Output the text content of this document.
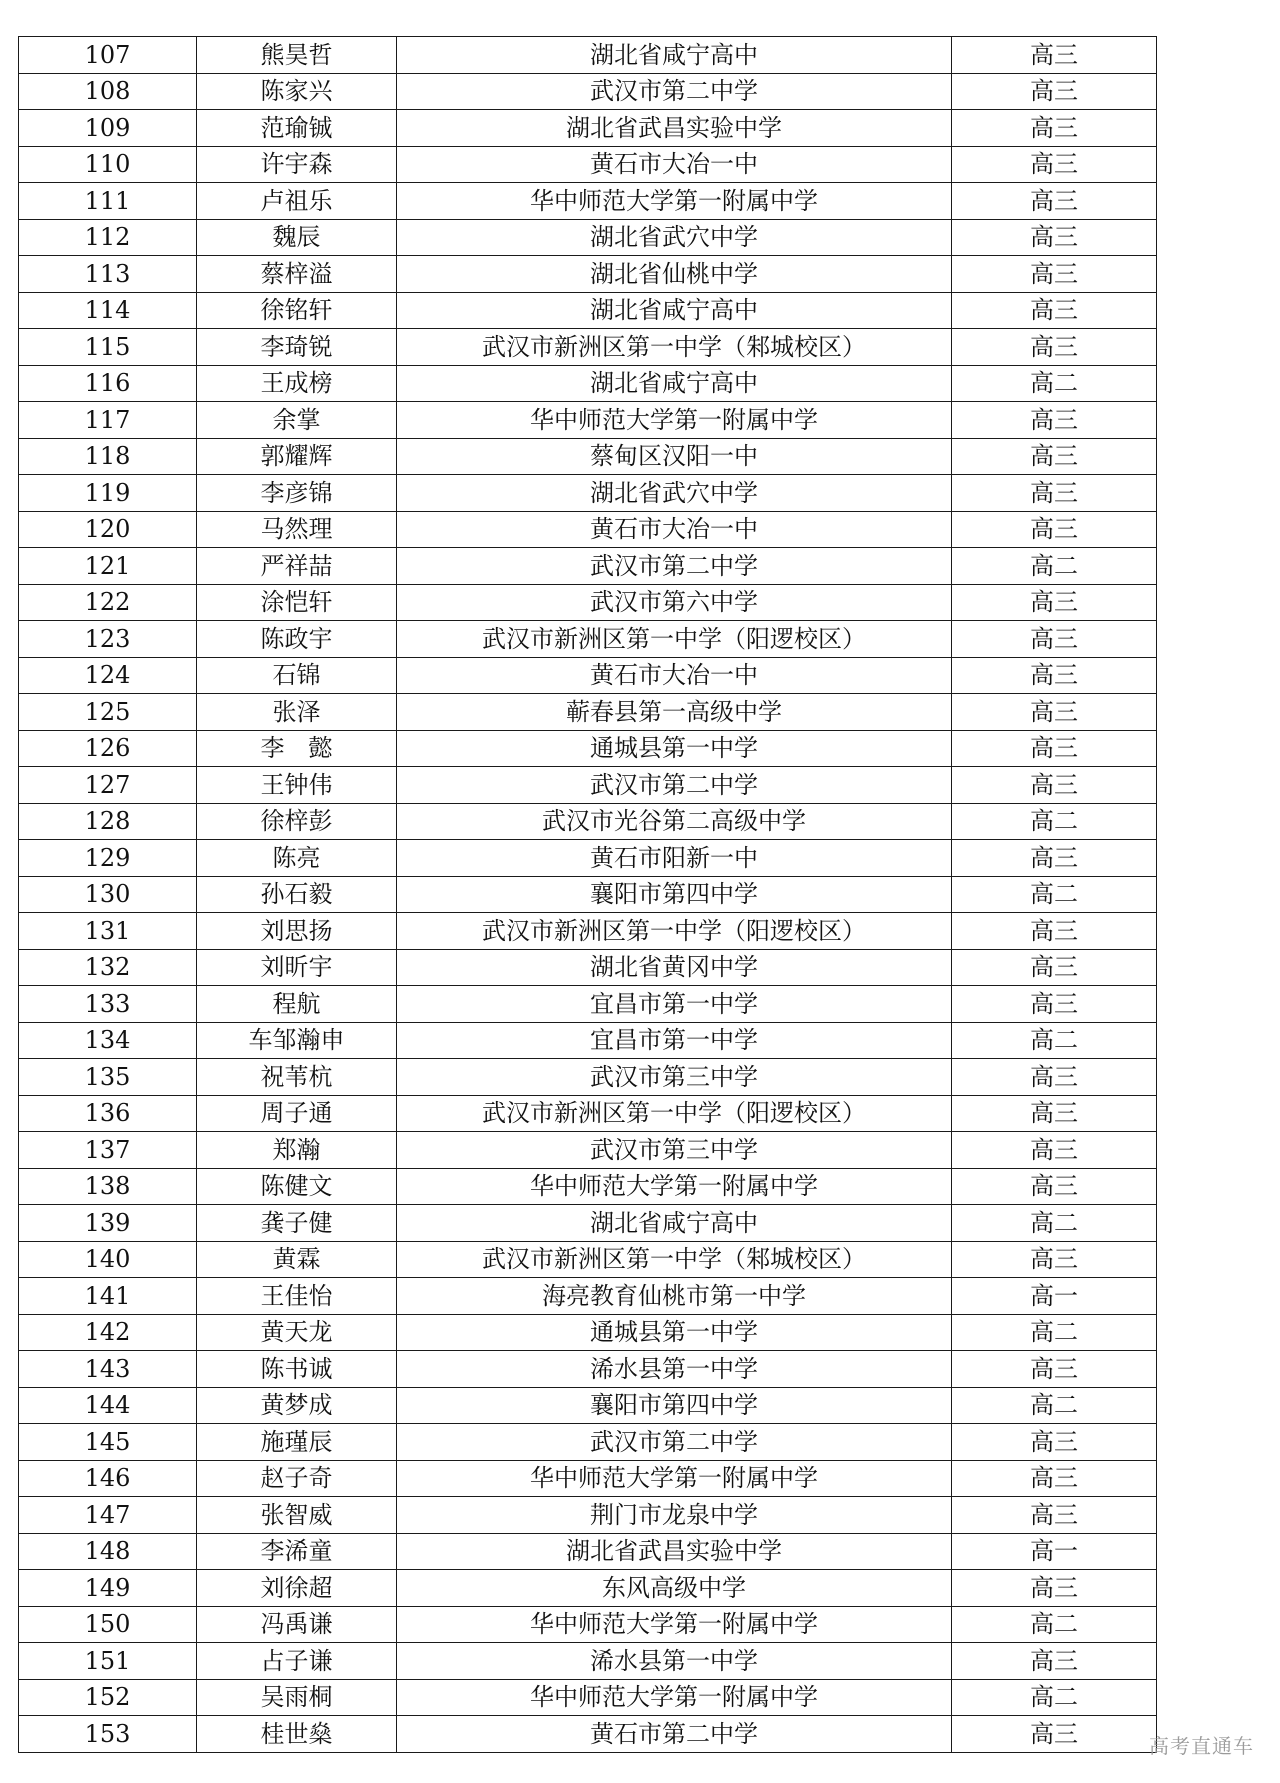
107	熊昊哲	湖北省咸宁高中	高三
108	陈家兴	武汉市第二中学	高三
109	范瑜铖	湖北省武昌实验中学	高三
110	许宇森	黄石市大冶一中	高三
111	卢祖乐	华中师范大学第一附属中学	高三
112	魏辰	湖北省武穴中学	高三
113	蔡梓溢	湖北省仙桃中学	高三
114	徐铭轩	湖北省咸宁高中	高三
115	李琦锐	武汉市新洲区第一中学（邾城校区）	高三
116	王成榜	湖北省咸宁高中	高二
117	余掌	华中师范大学第一附属中学	高三
118	郭耀辉	蔡甸区汉阳一中	高三
119	李彦锦	湖北省武穴中学	高三
120	马然理	黄石市大冶一中	高三
121	严祥喆	武汉市第二中学	高二
122	涂恺轩	武汉市第六中学	高三
123	陈政宇	武汉市新洲区第一中学（阳逻校区）	高三
124	石锦	黄石市大冶一中	高三
125	张泽	蕲春县第一高级中学	高三
126	李　懿	通城县第一中学	高三
127	王钟伟	武汉市第二中学	高三
128	徐梓彭	武汉市光谷第二高级中学	高二
129	陈亮	黄石市阳新一中	高三
130	孙石毅	襄阳市第四中学	高二
131	刘思扬	武汉市新洲区第一中学（阳逻校区）	高三
132	刘昕宇	湖北省黄冈中学	高三
133	程航	宜昌市第一中学	高三
134	车邹瀚申	宜昌市第一中学	高二
135	祝苇杭	武汉市第三中学	高三
136	周子通	武汉市新洲区第一中学（阳逻校区）	高三
137	郑瀚	武汉市第三中学	高三
138	陈健文	华中师范大学第一附属中学	高三
139	龚子健	湖北省咸宁高中	高二
140	黄霖	武汉市新洲区第一中学（邾城校区）	高三
141	王佳怡	海亮教育仙桃市第一中学	高一
142	黄天龙	通城县第一中学	高二
143	陈书诚	浠水县第一中学	高三
144	黄梦成	襄阳市第四中学	高二
145	施瑾辰	武汉市第二中学	高三
146	赵子奇	华中师范大学第一附属中学	高三
147	张智威	荆门市龙泉中学	高三
148	李浠童	湖北省武昌实验中学	高一
149	刘徐超	东风高级中学	高三
150	冯禹谦	华中师范大学第一附属中学	高二
151	占子谦	浠水县第一中学	高三
152	吴雨桐	华中师范大学第一附属中学	高二
153	桂世燊	黄石市第二中学	高三	高考直通车
